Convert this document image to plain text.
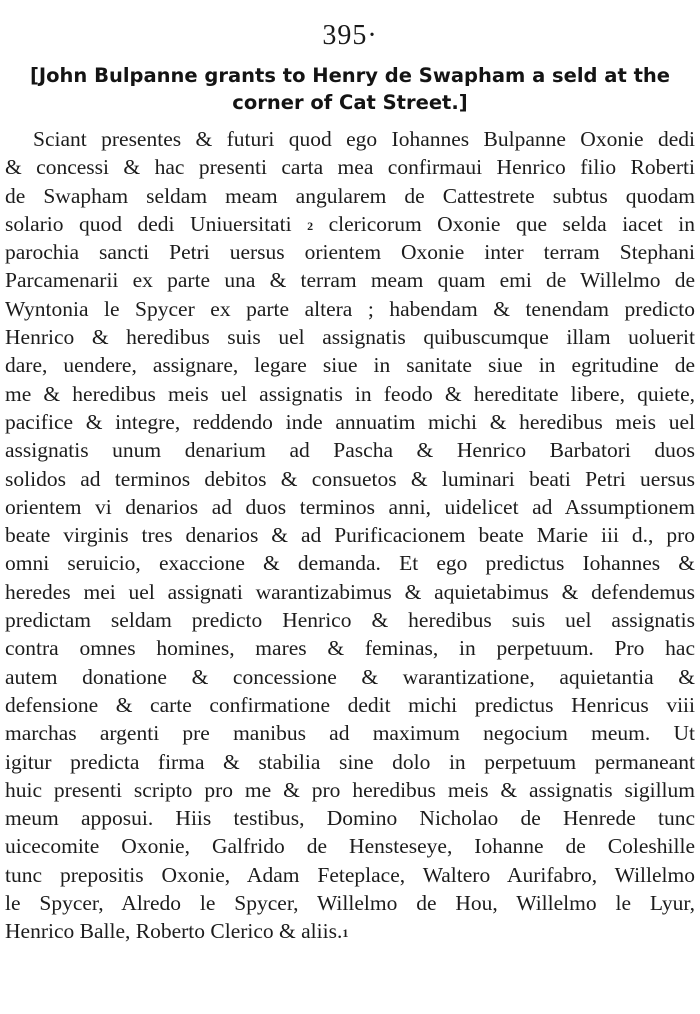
395·
[John Bulpanne grants to Henry de Swapham a seld at the
corner of Cat Street.]
Sciant presentes & futuri quod ego Iohannes Bulpanne Oxonie dedi
& concessi & hac presenti carta mea confirmaui Henrico filio Roberti
de Swapham seldam meam angularem de Cattestrete subtus quodam
solario quod dedi Uniuersitati $^2$ clericorum Oxonie que selda iacet in
parochia sancti Petri uersus orientem Oxonie inter terram Stephani
Parcamenarii ex parte una & terram meam quam emi de Willelmo de
Wyntonia le Spycer ex parte altera ; habendam & tenendam predicto
Henrico & heredibus suis uel assignatis quibuscumque illam uoluerit
dare, uendere, assignare, legare siue in sanitate siue in egritudine de
me & heredibus meis uel assignatis in feodo & hereditate libere, quiete,
pacifice & integre, reddendo inde annuatim michi & heredibus meis uel
assignatis unum denarium ad Pascha & Henrico Barbatori duos
solidos ad terminos debitos & consuetos & luminari beati Petri uersus
orientem vi denarios ad duos terminos anni, uidelicet ad Assumptionem
beate virginis tres denarios & ad Purificacionem beate Marie iii d., pro
omni seruicio, exaccione & demanda. Et ego predictus Iohannes &
heredes mei uel assignati warantizabimus & aquietabimus & defendemus
predictam seldam predicto Henrico & heredibus suis uel assignatis
contra omnes homines, mares & feminas, in perpetuum. Pro hac
autem donatione & concessione & warantizatione, aquietantia &
defensione & carte confirmatione dedit michi predictus Henricus viii
marchas argenti pre manibus ad maximum negocium meum. Ut
igitur predicta firma & stabilia sine dolo in perpetuum permaneant
huic presenti scripto pro me & pro heredibus meis & assignatis sigillum
meum apposui. Hiis testibus, Domino Nicholao de Henrede tunc
uicecomite Oxonie, Galfrido de Hensteseye, Iohanne de Coleshille
tunc prepositis Oxonie, Adam Feteplace, Waltero Aurifabro, Willelmo
le Spycer, Alredo le Spycer, Willelmo de Hou, Willelmo le Lyur,
Henrico Balle, Roberto Clerico & aliis.$^1$
